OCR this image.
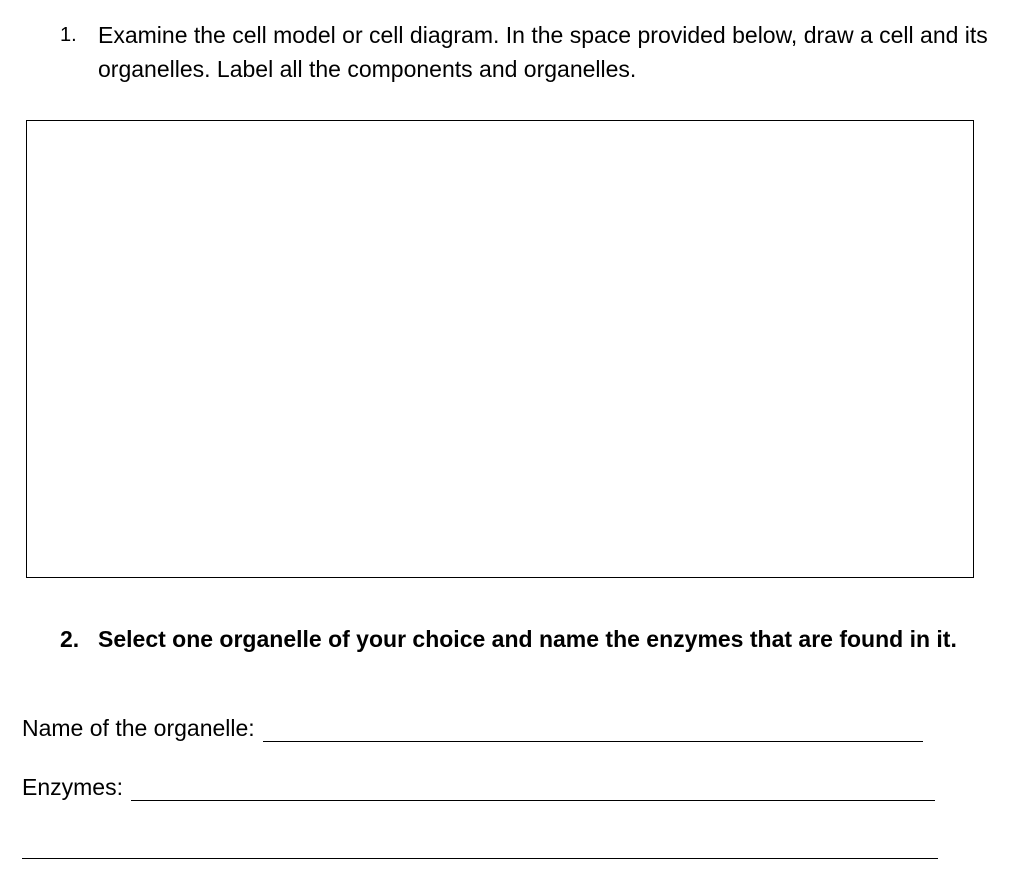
1. Examine the cell model or cell diagram. In the space provided below, draw a cell and its organelles. Label all the components and organelles.
2. Select one organelle of your choice and name the enzymes that are found in it.
Name of the organelle:
Enzymes:
